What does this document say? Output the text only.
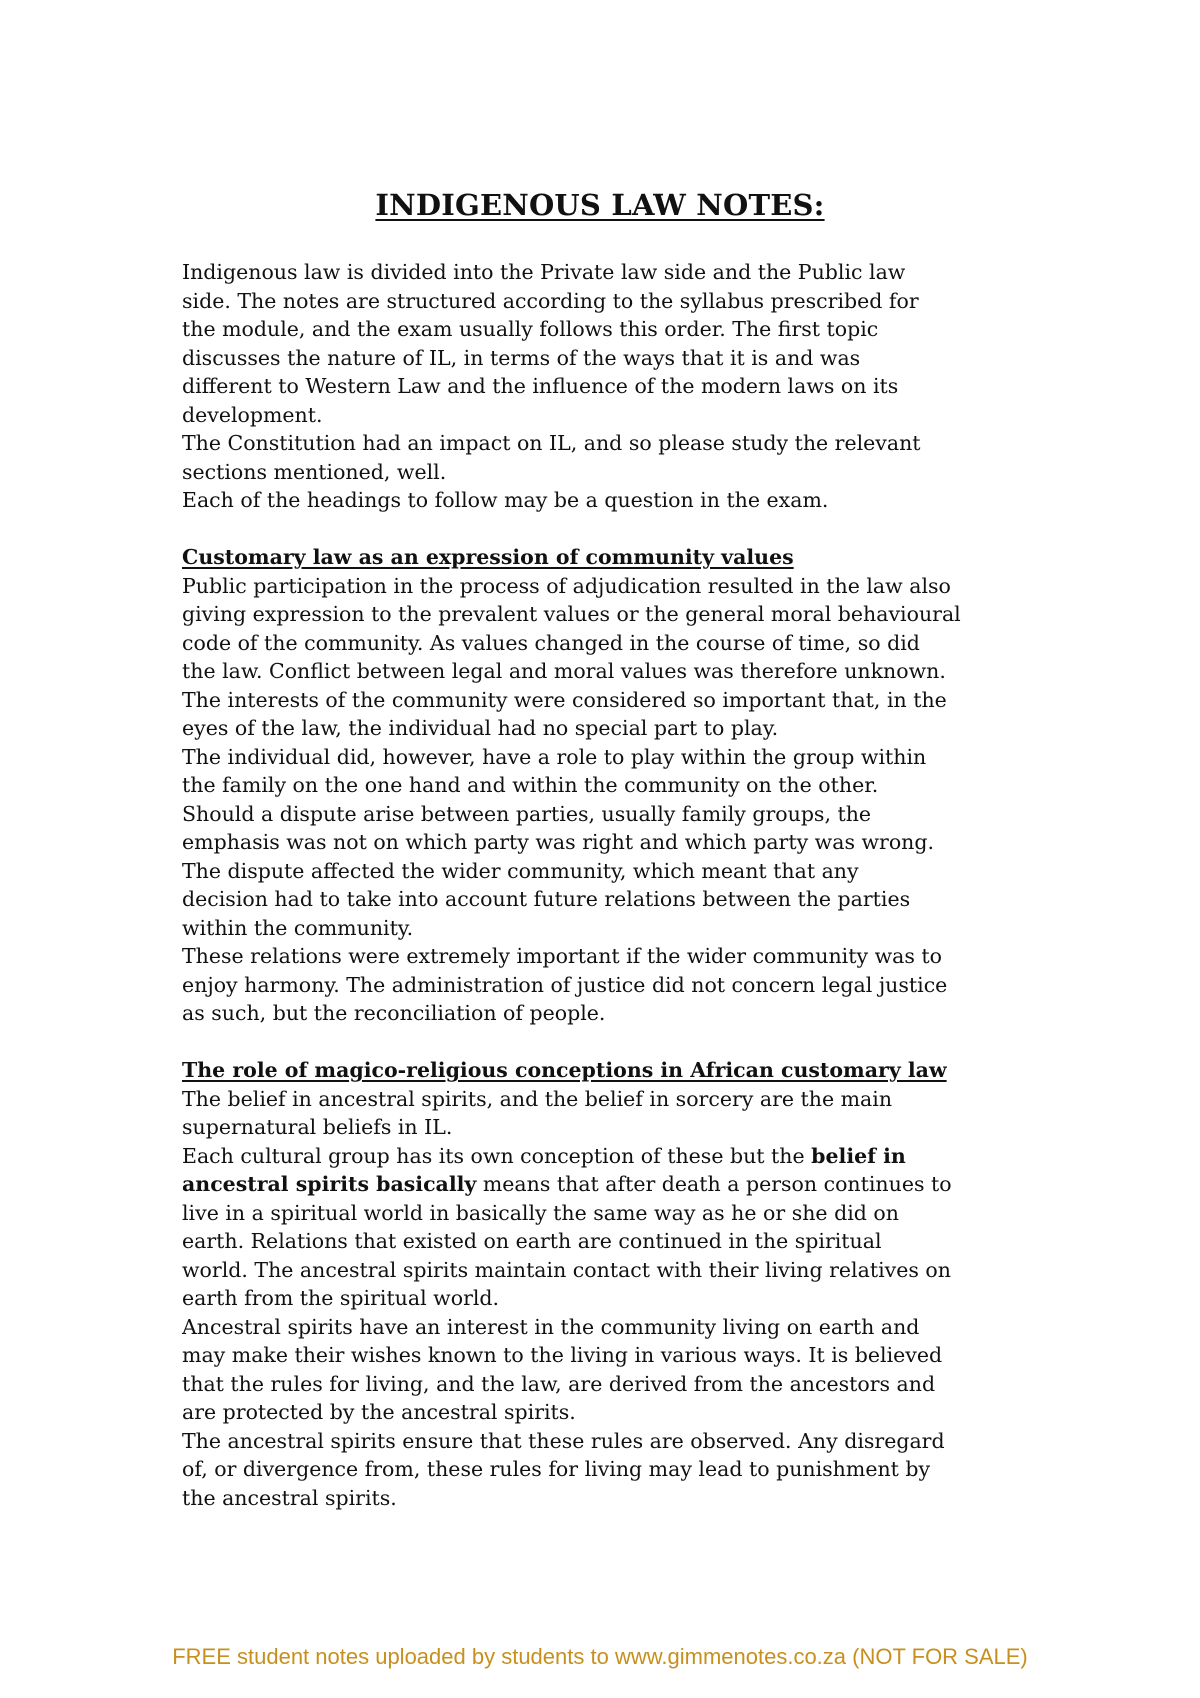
INDIGENOUS LAW NOTES:
Indigenous law is divided into the Private law side and the Public law
side. The notes are structured according to the syllabus prescribed for
the module, and the exam usually follows this order. The first topic
discusses the nature of IL, in terms of the ways that it is and was
different to Western Law and the influence of the modern laws on its
development.
The Constitution had an impact on IL, and so please study the relevant
sections mentioned, well.
Each of the headings to follow may be a question in the exam.
Customary law as an expression of community values
Public participation in the process of adjudication resulted in the law also
giving expression to the prevalent values or the general moral behavioural
code of the community. As values changed in the course of time, so did
the law. Conflict between legal and moral values was therefore unknown.
The interests of the community were considered so important that, in the
eyes of the law, the individual had no special part to play.
The individual did, however, have a role to play within the group within
the family on the one hand and within the community on the other.
Should a dispute arise between parties, usually family groups, the
emphasis was not on which party was right and which party was wrong.
The dispute affected the wider community, which meant that any
decision had to take into account future relations between the parties
within the community.
These relations were extremely important if the wider community was to
enjoy harmony. The administration of justice did not concern legal justice
as such, but the reconciliation of people.
The role of magico-religious conceptions in African customary law
The belief in ancestral spirits, and the belief in sorcery are the main
supernatural beliefs in IL.
Each cultural group has its own conception of these but the belief in
ancestral spirits basically means that after death a person continues to
live in a spiritual world in basically the same way as he or she did on
earth. Relations that existed on earth are continued in the spiritual
world. The ancestral spirits maintain contact with their living relatives on
earth from the spiritual world.
Ancestral spirits have an interest in the community living on earth and
may make their wishes known to the living in various ways. It is believed
that the rules for living, and the law, are derived from the ancestors and
are protected by the ancestral spirits.
The ancestral spirits ensure that these rules are observed. Any disregard
of, or divergence from, these rules for living may lead to punishment by
the ancestral spirits.
FREE student notes uploaded by students to www.gimmenotes.co.za (NOT FOR SALE)
